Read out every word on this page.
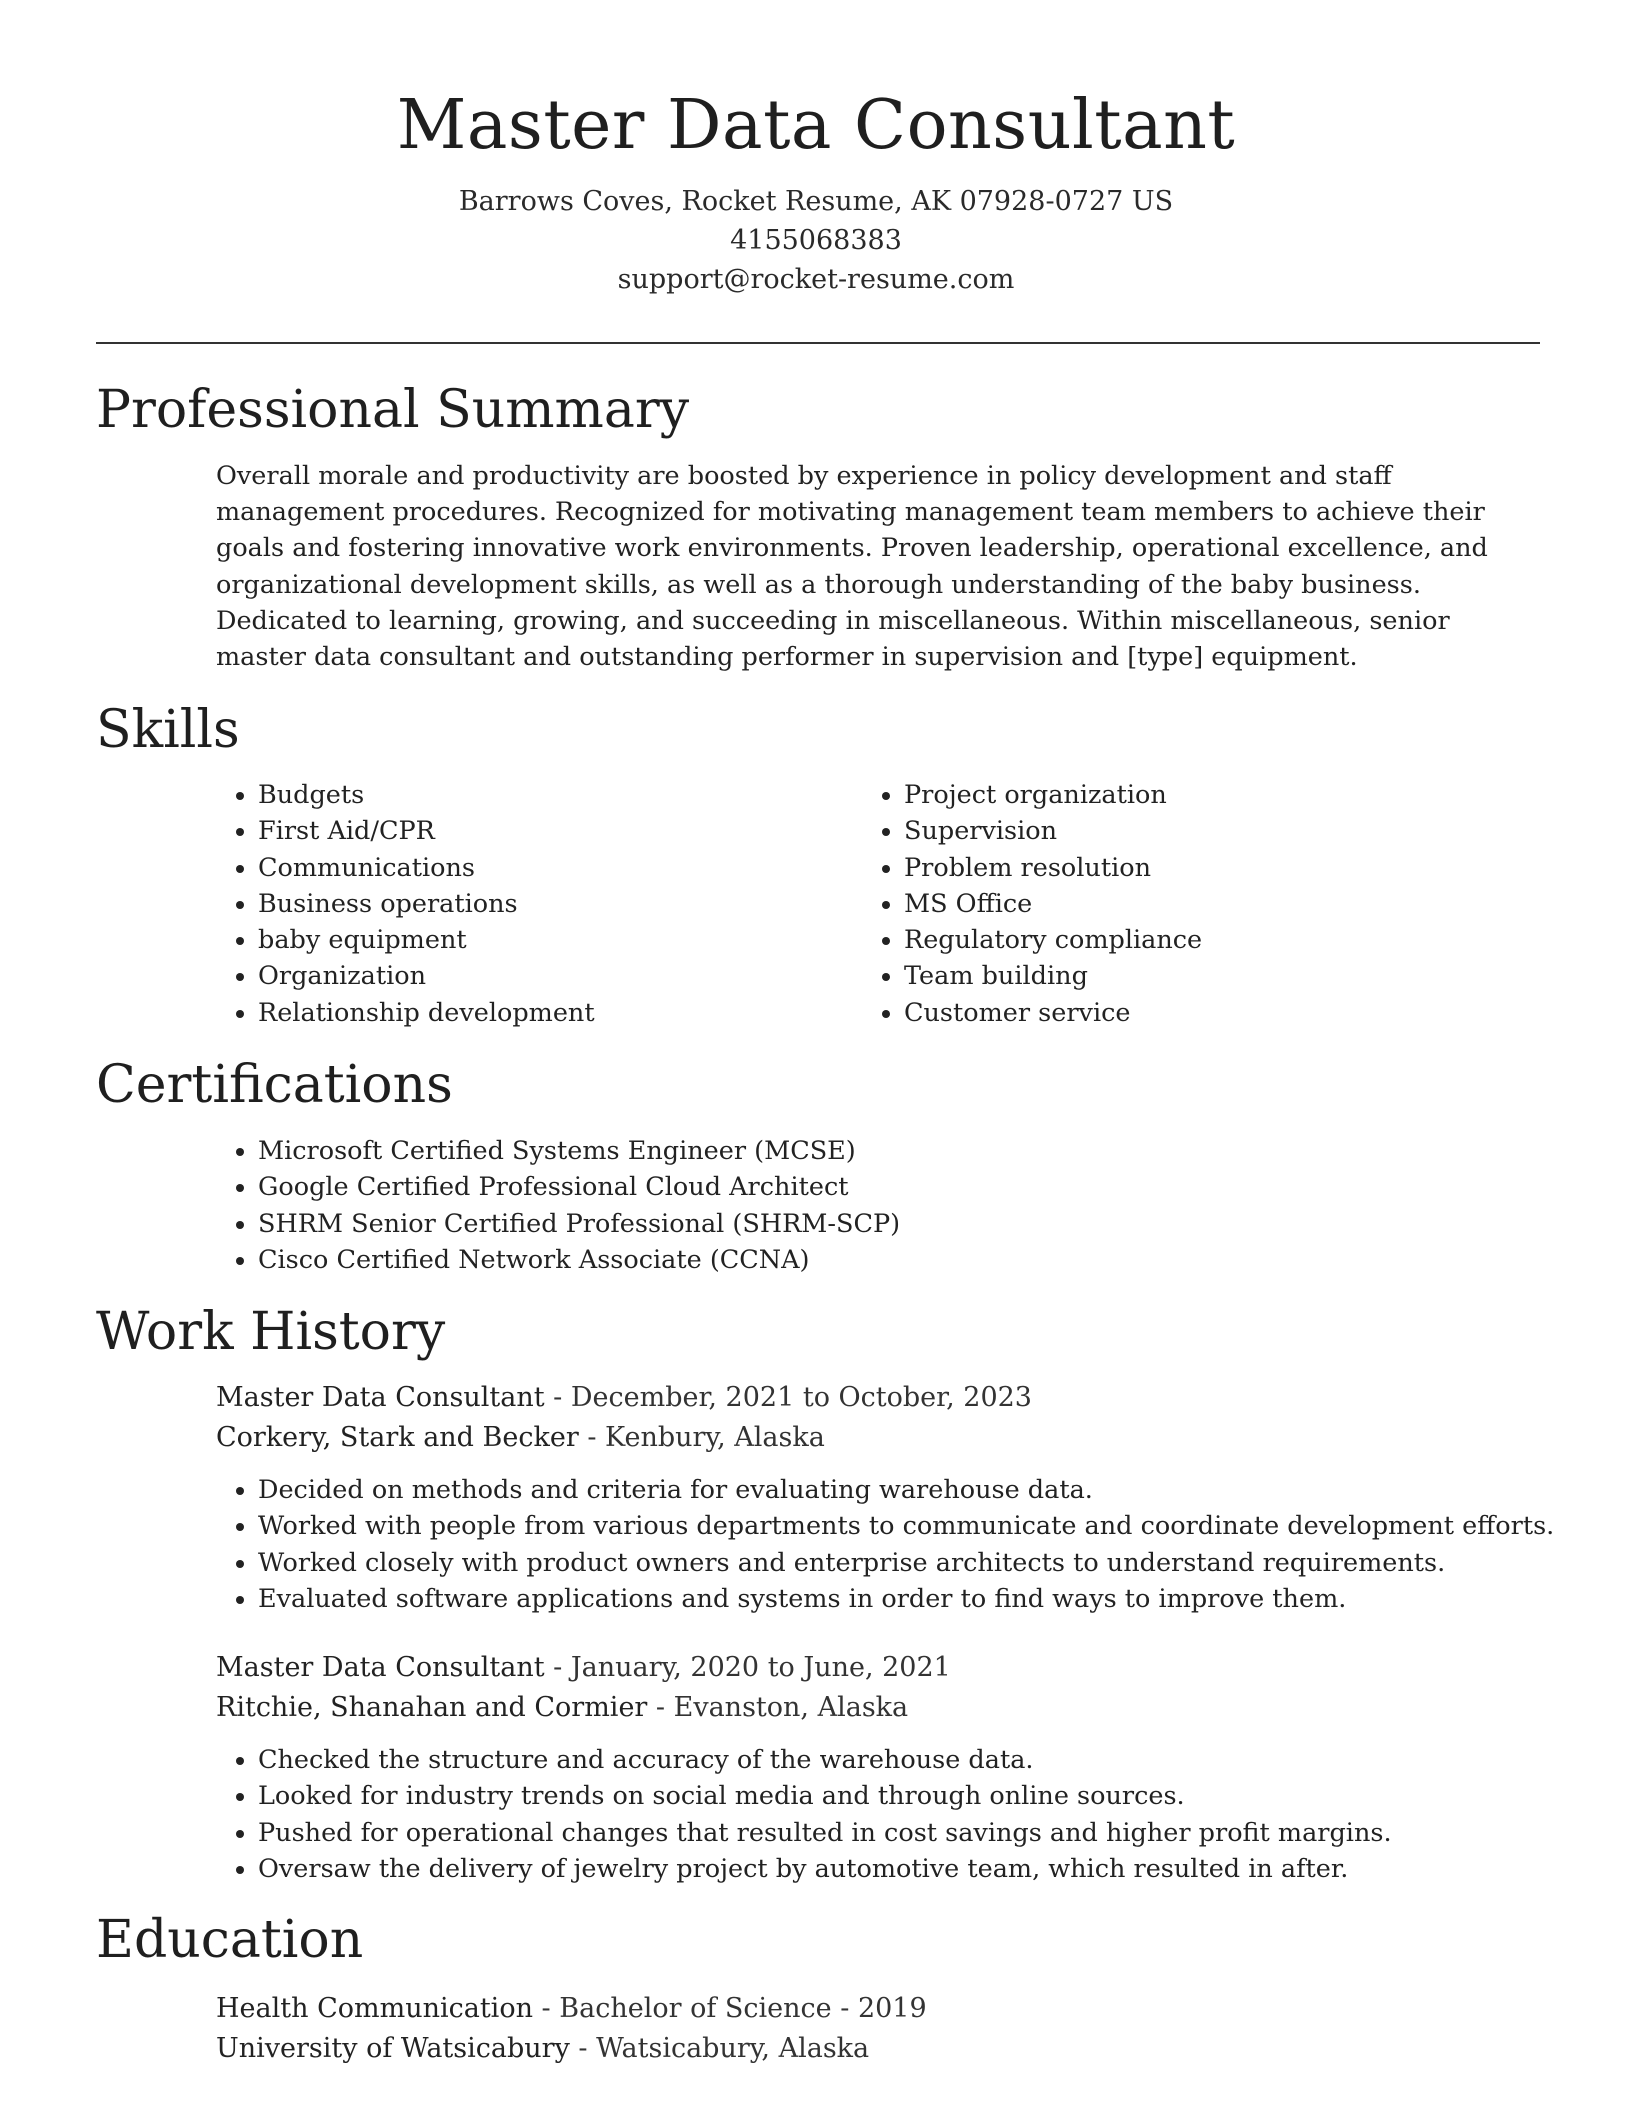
Master Data Consultant
Barrows Coves, Rocket Resume, AK 07928-0727 US
4155068383
support@rocket-resume.com
Professional Summary

Overall morale and productivity are boosted by experience in policy development and staff management procedures. Recognized for motivating management team members to achieve their goals and fostering innovative work environments. Proven leadership, operational excellence, and organizational development skills, as well as a thorough understanding of the baby business. Dedicated to learning, growing, and succeeding in miscellaneous. Within miscellaneous, senior master data consultant and outstanding performer in supervision and [type] equipment.

Skills
• Budgets
• First Aid/CPR
• Communications
• Business operations
• baby equipment
• Organization
• Relationship development
• Project organization
• Supervision
• Problem resolution
• MS Office
• Regulatory compliance
• Team building
• Customer service
Certifications
• Microsoft Certified Systems Engineer (MCSE)
• Google Certified Professional Cloud Architect
• SHRM Senior Certified Professional (SHRM-SCP)
• Cisco Certified Network Associate (CCNA)
Work History

Master Data Consultant - December, 2021 to October, 2023

Corkery, Stark and Becker - Kenbury, Alaska

• Decided on methods and criteria for evaluating warehouse data.
• Worked with people from various departments to communicate and coordinate development efforts.
• Worked closely with product owners and enterprise architects to understand requirements.
• Evaluated software applications and systems in order to find ways to improve them.

Master Data Consultant - January, 2020 to June, 2021

Ritchie, Shanahan and Cormier - Evanston, Alaska

• Checked the structure and accuracy of the warehouse data.
• Looked for industry trends on social media and through online sources.
• Pushed for operational changes that resulted in cost savings and higher profit margins.
• Oversaw the delivery of jewelry project by automotive team, which resulted in after.
Education

Health Communication - Bachelor of Science - 2019

University of Watsicabury - Watsicabury, Alaska
